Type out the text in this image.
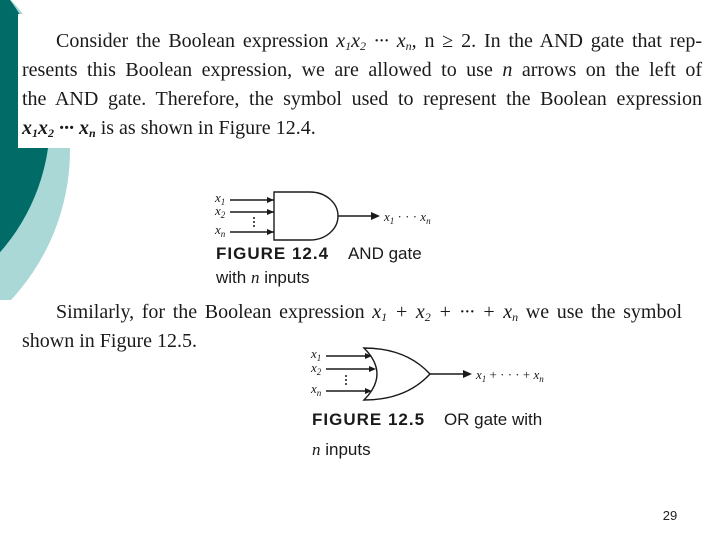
Consider the Boolean expression $x_1x_2$ ··· $x_n$, n ≥ 2. In the AND gate that rep-
resents this Boolean expression, we are allowed to use n arrows on the left of
the AND gate. Therefore, the symbol used to represent the Boolean expression
$x_1x_2$ ··· $x_n$ is as shown in Figure 12.4.

$x_1$
$x_2$
$x_n$
$x_1$ · · · $x_n$
FIGURE 12.4 AND gate
with n inputs

Similarly, for the Boolean expression $x_1 + x_2$ + ··· + $x_n$ we use the symbol
shown in Figure 12.5.

$x_1$
$x_2$
$x_n$
$x_1$ + · · · + $x_n$
FIGURE 12.5 OR gate with
n inputs
29
